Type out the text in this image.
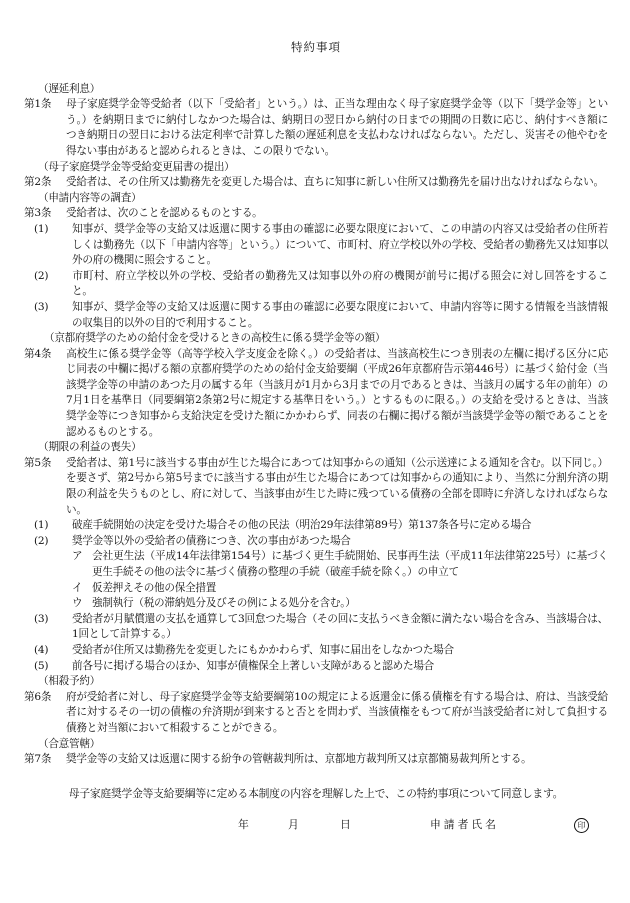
特約事項
（遅延利息）
第1条 母子家庭奨学金等受給者（以下「受給者」という。）は、正当な理由なく母子家庭奨学金等（以下「奨学金等」という。）を納期日までに納付しなかつた場合は、納期日の翌日から納付の日までの期間の日数に応じ、納付すべき額につき納期日の翌日における法定利率で計算した額の遅延利息を支払わなければならない。ただし、災害その他やむを得ない事由があると認められるときは、この限りでない。
（母子家庭奨学金等受給変更届書の提出）
第2条 受給者は、その住所又は勤務先を変更した場合は、直ちに知事に新しい住所又は勤務先を届け出なければならない。
（申請内容等の調査）
第3条 受給者は、次のことを認めるものとする。
(1) 知事が、奨学金等の支給又は返還に関する事由の確認に必要な限度において、この申請の内容又は受給者の住所若しくは勤務先（以下「申請内容等」という。）について、市町村、府立学校以外の学校、受給者の勤務先又は知事以外の府の機関に照会すること。
(2) 市町村、府立学校以外の学校、受給者の勤務先又は知事以外の府の機関が前号に掲げる照会に対し回答をすること。
(3) 知事が、奨学金等の支給又は返還に関する事由の確認に必要な限度において、申請内容等に関する情報を当該情報の収集目的以外の目的で利用すること。
（京都府奨学のための給付金を受けるときの高校生に係る奨学金等の額）
第4条 高校生に係る奨学金等（高等学校入学支度金を除く。）の受給者は、当該高校生につき別表の左欄に掲げる区分に応じ同表の中欄に掲げる額の京都府奨学のための給付金支給要綱（平成26年京都府告示第446号）に基づく給付金（当該奨学金等の申請のあつた月の属する年（当該月が1月から3月までの月であるときは、当該月の属する年の前年）の7月1日を基準日（同要綱第2条第2号に規定する基準日をいう。）とするものに限る。）の支給を受けるときは、当該奨学金等につき知事から支給決定を受けた額にかかわらず、同表の右欄に掲げる額が当該奨学金等の額であることを認めるものとする。
（期限の利益の喪失）
第5条 受給者は、第1号に該当する事由が生じた場合にあつては知事からの通知（公示送達による通知を含む。以下同じ。）を要さず、第2号から第5号までに該当する事由が生じた場合にあつては知事からの通知により、当然に分割弁済の期限の利益を失うものとし、府に対して、当該事由が生じた時に残つている債務の全部を即時に弁済しなければならない。
(1) 破産手続開始の決定を受けた場合その他の民法（明治29年法律第89号）第137条各号に定める場合
(2) 奨学金等以外の受給者の債務につき、次の事由があつた場合
ア 会社更生法（平成14年法律第154号）に基づく更生手続開始、民事再生法（平成11年法律第225号）に基づく更生手続その他の法令に基づく債務の整理の手続（破産手続を除く。）の申立て
イ 仮差押えその他の保全措置
ウ 強制執行（税の滞納処分及びその例による処分を含む。）
(3) 受給者が月賦償還の支払を通算して3回怠つた場合（その回に支払うべき金額に満たない場合を含み、当該場合は、1回として計算する。）
(4) 受給者が住所又は勤務先を変更したにもかかわらず、知事に届出をしなかつた場合
(5) 前各号に掲げる場合のほか、知事が債権保全上著しい支障があると認めた場合
（相殺予約）
第6条 府が受給者に対し、母子家庭奨学金等支給要綱第10の規定による返還金に係る債権を有する場合は、府は、当該受給者に対するその一切の債権の弁済期が到来すると否とを問わず、当該債権をもつて府が当該受給者に対して負担する債務と対当額において相殺することができる。
（合意管轄）
第7条 奨学金等の支給又は返還に関する紛争の管轄裁判所は、京都地方裁判所又は京都簡易裁判所とする。
母子家庭奨学金等支給要綱等に定める本制度の内容を理解した上で、この特約事項について同意します。
年	月	日	申請者氏名	印
